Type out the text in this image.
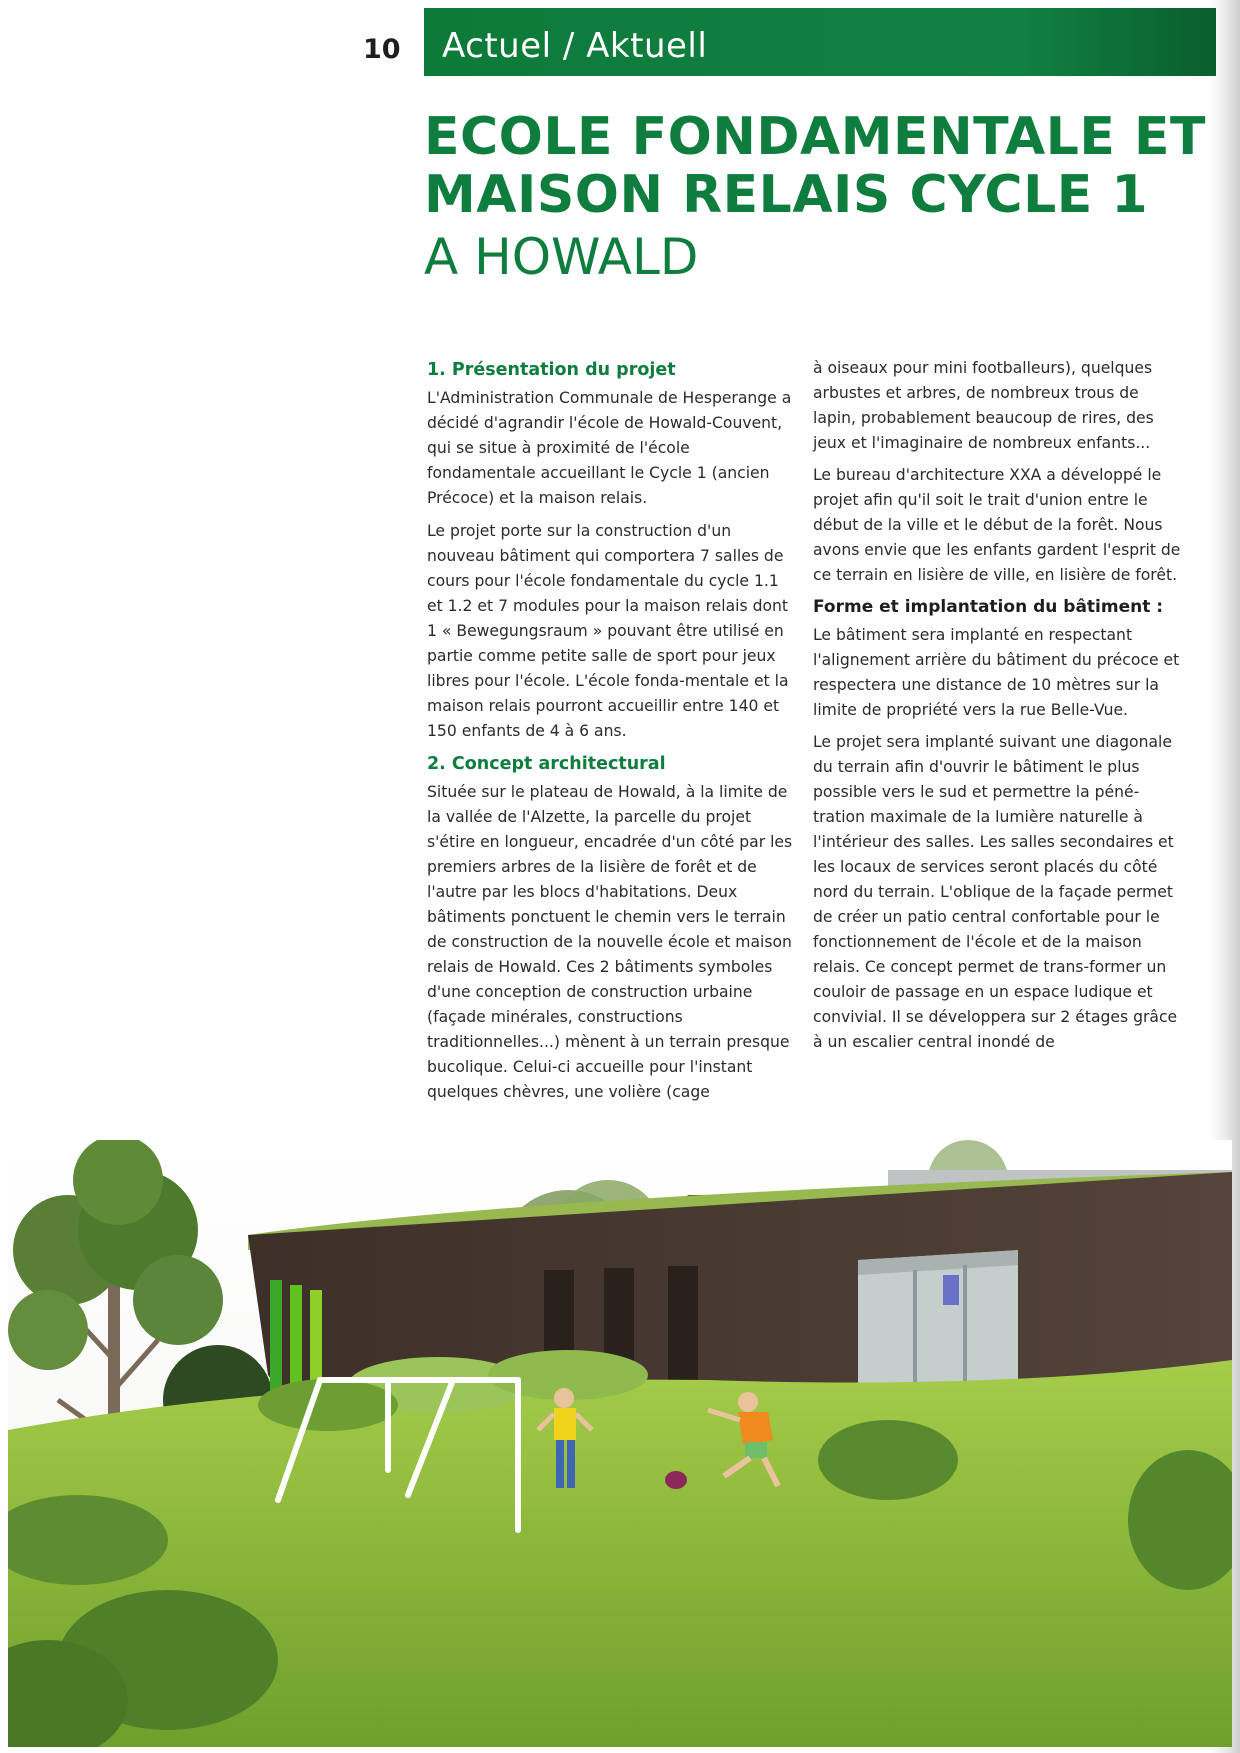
10 Actuel / Aktuell
ECOLE FONDAMENTALE ET
MAISON RELAIS CYCLE 1
A HOWALD
1. Présentation du projet
L'Administration Communale de Hesperange a décidé d'agrandir l'école de Howald-Couvent, qui se situe à proximité de l'école fondamentale accueillant le Cycle 1 (ancien Précoce) et la maison relais.
Le projet porte sur la construction d'un nouveau bâtiment qui comportera 7 salles de cours pour l'école fondamentale du cycle 1.1 et 1.2 et 7 modules pour la maison relais dont 1 « Bewegungsraum » pouvant être utilisé en partie comme petite salle de sport pour jeux libres pour l'école. L'école fonda-mentale et la maison relais pourront accueillir entre 140 et 150 enfants de 4 à 6 ans.
2. Concept architectural
Située sur le plateau de Howald, à la limite de la vallée de l'Alzette, la parcelle du projet s'étire en longueur, encadrée d'un côté par les premiers arbres de la lisière de forêt et de l'autre par les blocs d'habitations. Deux bâtiments ponctuent le chemin vers le terrain de construction de la nouvelle école et maison relais de Howald. Ces 2 bâtiments symboles d'une conception de construction urbaine (façade minérales, constructions traditionnelles...) mènent à un terrain presque bucolique. Celui-ci accueille pour l'instant quelques chèvres, une volière (cage
à oiseaux pour mini footballeurs), quelques arbustes et arbres, de nombreux trous de lapin, probablement beaucoup de rires, des jeux et l'imaginaire de nombreux enfants...
Le bureau d'architecture XXA a développé le projet afin qu'il soit le trait d'union entre le début de la ville et le début de la forêt. Nous avons envie que les enfants gardent l'esprit de ce terrain en lisière de ville, en lisière de forêt.
Forme et implantation du bâtiment :
Le bâtiment sera implanté en respectant l'alignement arrière du bâtiment du précoce et respectera une distance de 10 mètres sur la limite de propriété vers la rue Belle-Vue.
Le projet sera implanté suivant une diagonale du terrain afin d'ouvrir le bâtiment le plus possible vers le sud et permettre la péné-tration maximale de la lumière naturelle à l'intérieur des salles. Les salles secondaires et les locaux de services seront placés du côté nord du terrain. L'oblique de la façade permet de créer un patio central confortable pour le fonctionnement de l'école et de la maison relais. Ce concept permet de trans-former un couloir de passage en un espace ludique et convivial. Il se développera sur 2 étages grâce à un escalier central inondé de
